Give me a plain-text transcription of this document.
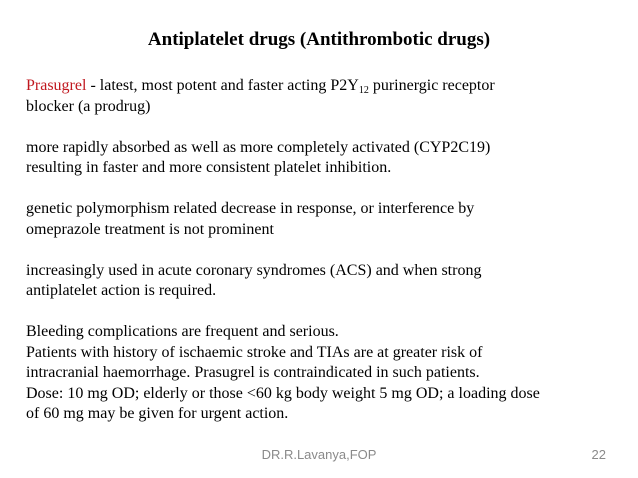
Antiplatelet drugs (Antithrombotic drugs)

Prasugrel - latest, most potent and faster acting $P2Y_{12}$ purinergic receptor

blocker (a prodrug)

more rapidly absorbed as well as more completely activated (CYP2C19)

resulting in faster and more consistent platelet inhibition.

genetic polymorphism related decrease in response, or interference by

omeprazole treatment is not prominent

increasingly used in acute coronary syndromes (ACS) and when strong

antiplatelet action is required.

Bleeding complications are frequent and serious.

Patients with history of ischaemic stroke and TIAs are at greater risk of

intracranial haemorrhage. Prasugrel is contraindicated in such patients.

Dose: 10 mg OD; elderly or those <60 kg body weight 5 mg OD; a loading dose

of 60 mg may be given for urgent action.

DR.R.Lavanya,FOP	22
